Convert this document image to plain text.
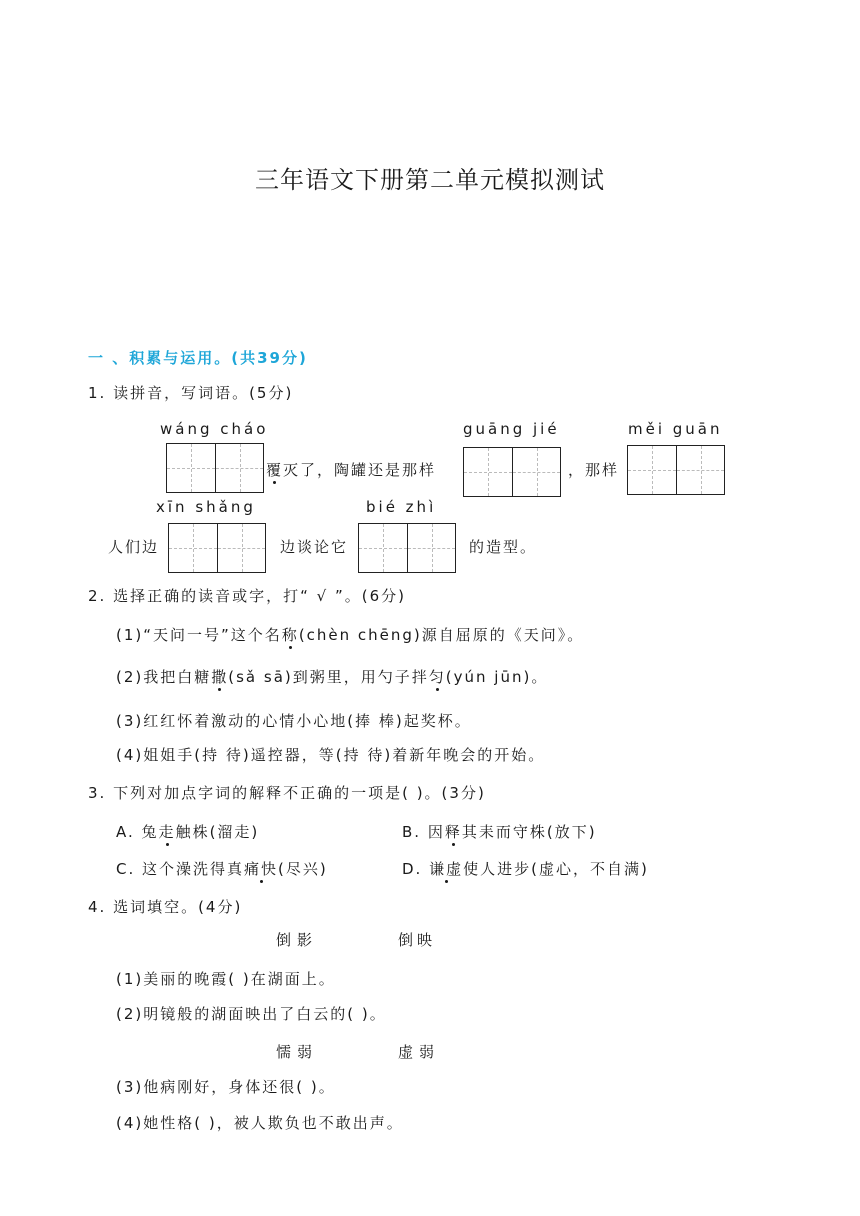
三年语文下册第二单元模拟测试
一 、积累与运用。(共39分)
1. 读拼音，写词语。(5分)
wáng cháo
覆灭了，陶罐还是那样
guāng jié
，那样
měi guān
xīn shǎng	bié zhì
人们边	边谈论它	的造型。
2. 选择正确的读音或字，打“ √ ”。(6分)
(1)“天问一号”这个名称(chèn chēng)源自屈原的《天问》。
(2)我把白糖撒(sǎ sā)到粥里，用勺子拌匀(yún jūn)。
(3)红红怀着激动的心情小心地(捧 棒)起奖杯。
(4)姐姐手(持 待)遥控器，等(持 待)着新年晚会的开始。
3. 下列对加点字词的解释不正确的一项是( )。(3分)
A. 兔走触株(溜走)	B. 因释其耒而守株(放下)
C. 这个澡洗得真痛快(尽兴)	D. 谦虚使人进步(虚心，不自满)
4. 选词填空。(4分)
倒影	倒映
(1)美丽的晚霞( )在湖面上。
(2)明镜般的湖面映出了白云的( )。
懦弱	虚弱
(3)他病刚好，身体还很( )。
(4)她性格( )，被人欺负也不敢出声。
